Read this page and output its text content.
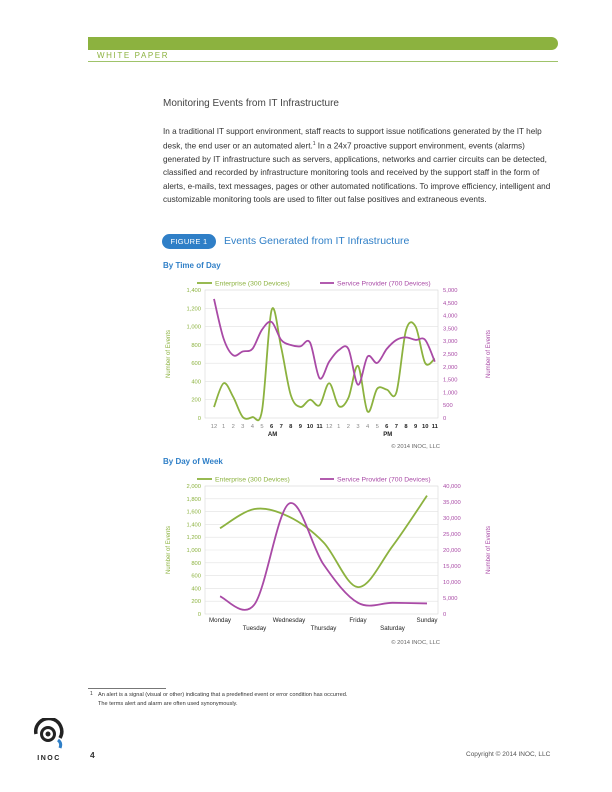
WHITE PAPER
Monitoring Events from IT Infrastructure
In a traditional IT support environment, staff reacts to support issue notifications generated by the IT help desk, the end user or an automated alert.$^1$ In a 24x7 proactive support environment, events (alarms) generated by IT infrastructure such as servers, applications, networks and carrier circuits can be detected, classified and recorded by infrastructure monitoring tools and received by the support staff in the form of alerts, e-mails, text messages, pages or other automated notifications. To improve efficiency, intelligent and customizable monitoring tools are used to filter out false positives and extraneous events.
FIGURE 1	Events Generated from IT Infrastructure
By Time of Day
0
200
400
600
800
1,000
1,200
1,400
0
500
1,000
1,500
2,000
2,500
3,000
3,500
4,000
4,500
5,000
Number of Events	Number of Events
Enterprise (300 Devices)	Service Provider (700 Devices)
12 1 2 3 4 5 6 7 8 9 10 11 12 1 2 3 4 5 6 7 8 9 10 11
AM	PM
© 2014 INOC, LLC
By Day of Week
0
200
400
600
800
1,000
1,200
1,400
1,600
1,800
2,000
0
5,000
10,000
15,000
20,000
25,000
30,000
35,000
40,000
Number of Events	Number of Events
Enterprise (300 Devices)	Service Provider (700 Devices)
Monday
Tuesday
Wednesday
Thursday
Friday
Saturday
Sunday
© 2014 INOC, LLC
1 An alert is a signal (visual or other) indicating that a predefined event or error condition has occurred.
The terms alert and alarm are often used synonymously.
INOC	4	Copyright © 2014 INOC, LLC
